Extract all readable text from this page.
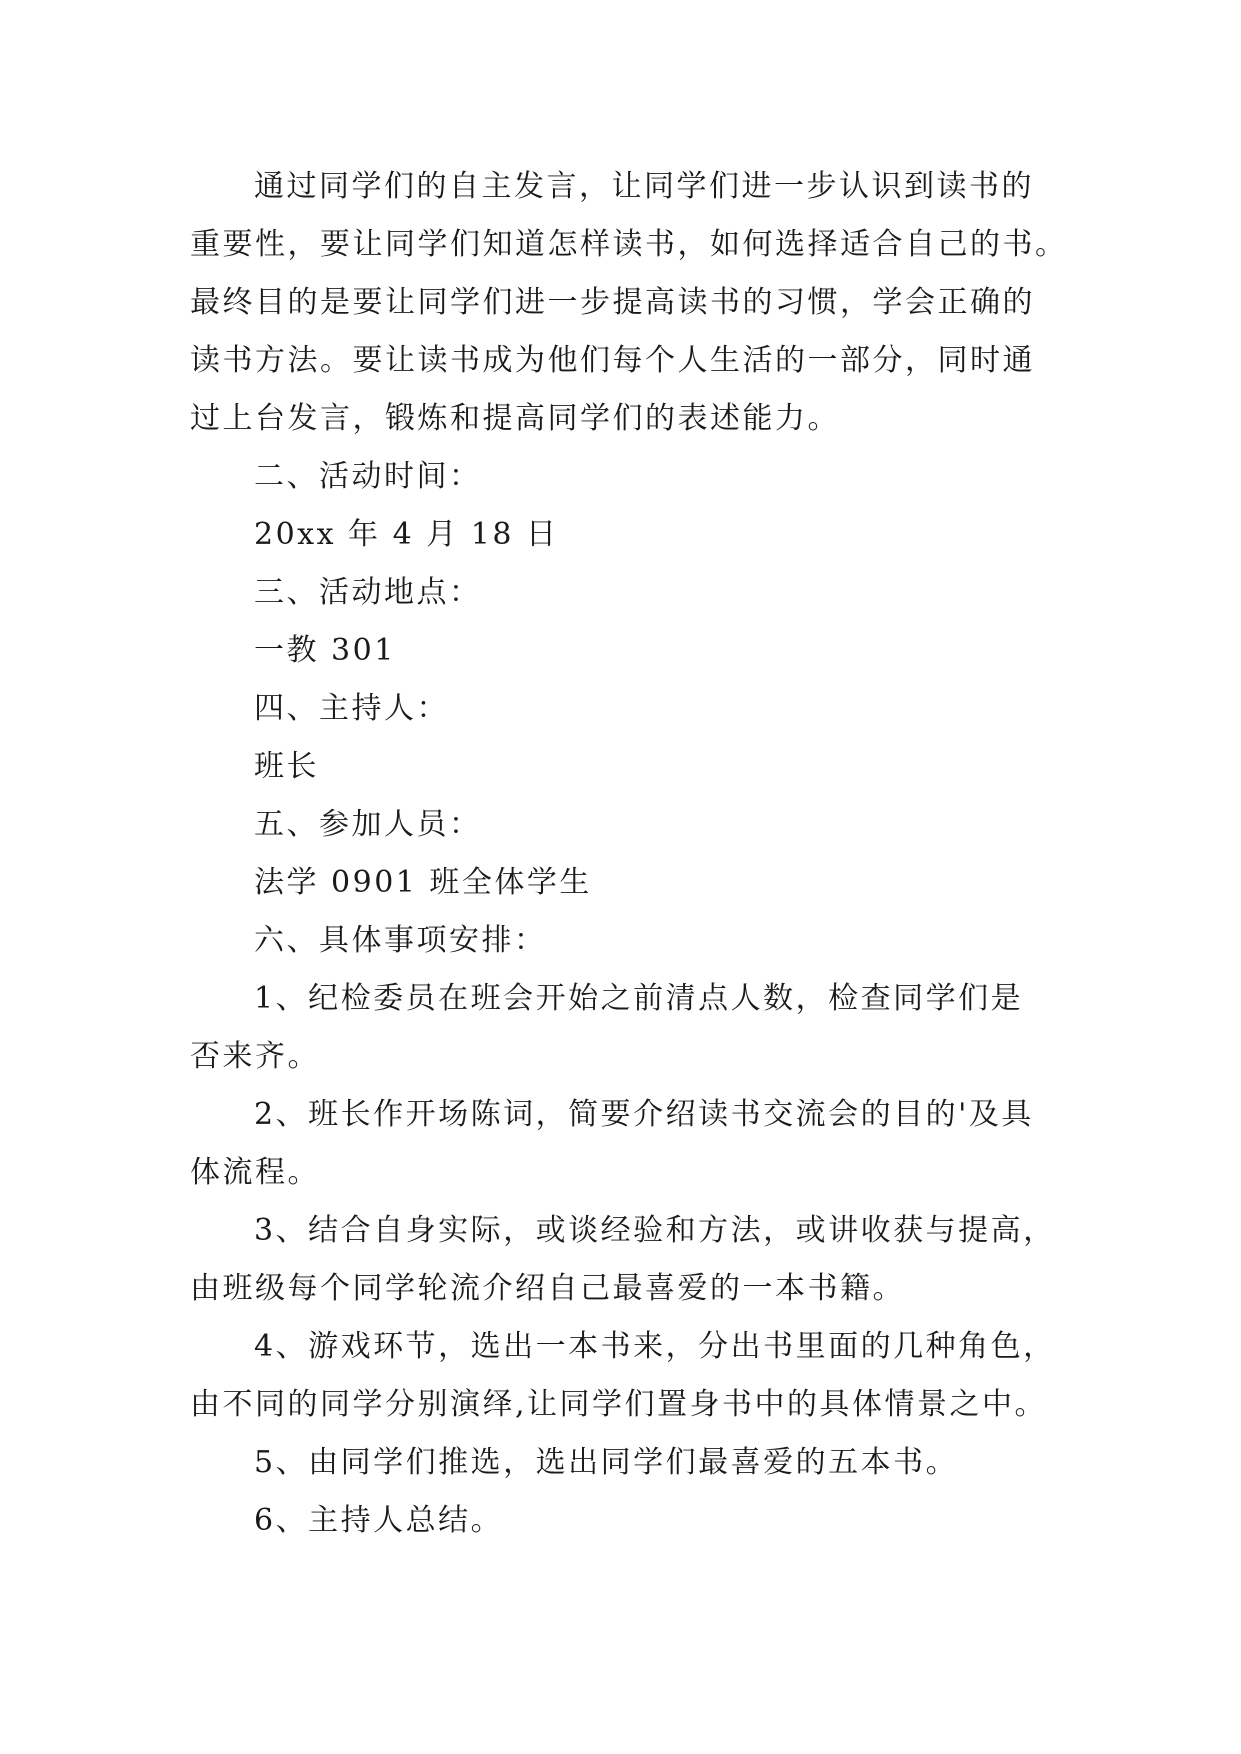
通过同学们的自主发言，让同学们进一步认识到读书的
重要性，要让同学们知道怎样读书，如何选择适合自己的书。
最终目的是要让同学们进一步提高读书的习惯，学会正确的
读书方法。要让读书成为他们每个人生活的一部分，同时通
过上台发言，锻炼和提高同学们的表述能力。
二、活动时间：
20xx 年 4 月 18 日
三、活动地点：
一教 301
四、主持人：
班长
五、参加人员：
法学 0901 班全体学生
六、具体事项安排：
1、纪检委员在班会开始之前清点人数，检查同学们是
否来齐。
2、班长作开场陈词，简要介绍读书交流会的目的'及具
体流程。
3、结合自身实际，或谈经验和方法，或讲收获与提高，
由班级每个同学轮流介绍自己最喜爱的一本书籍。
4、游戏环节，选出一本书来，分出书里面的几种角色，
由不同的同学分别演绎,让同学们置身书中的具体情景之中。
5、由同学们推选，选出同学们最喜爱的五本书。
6、主持人总结。
